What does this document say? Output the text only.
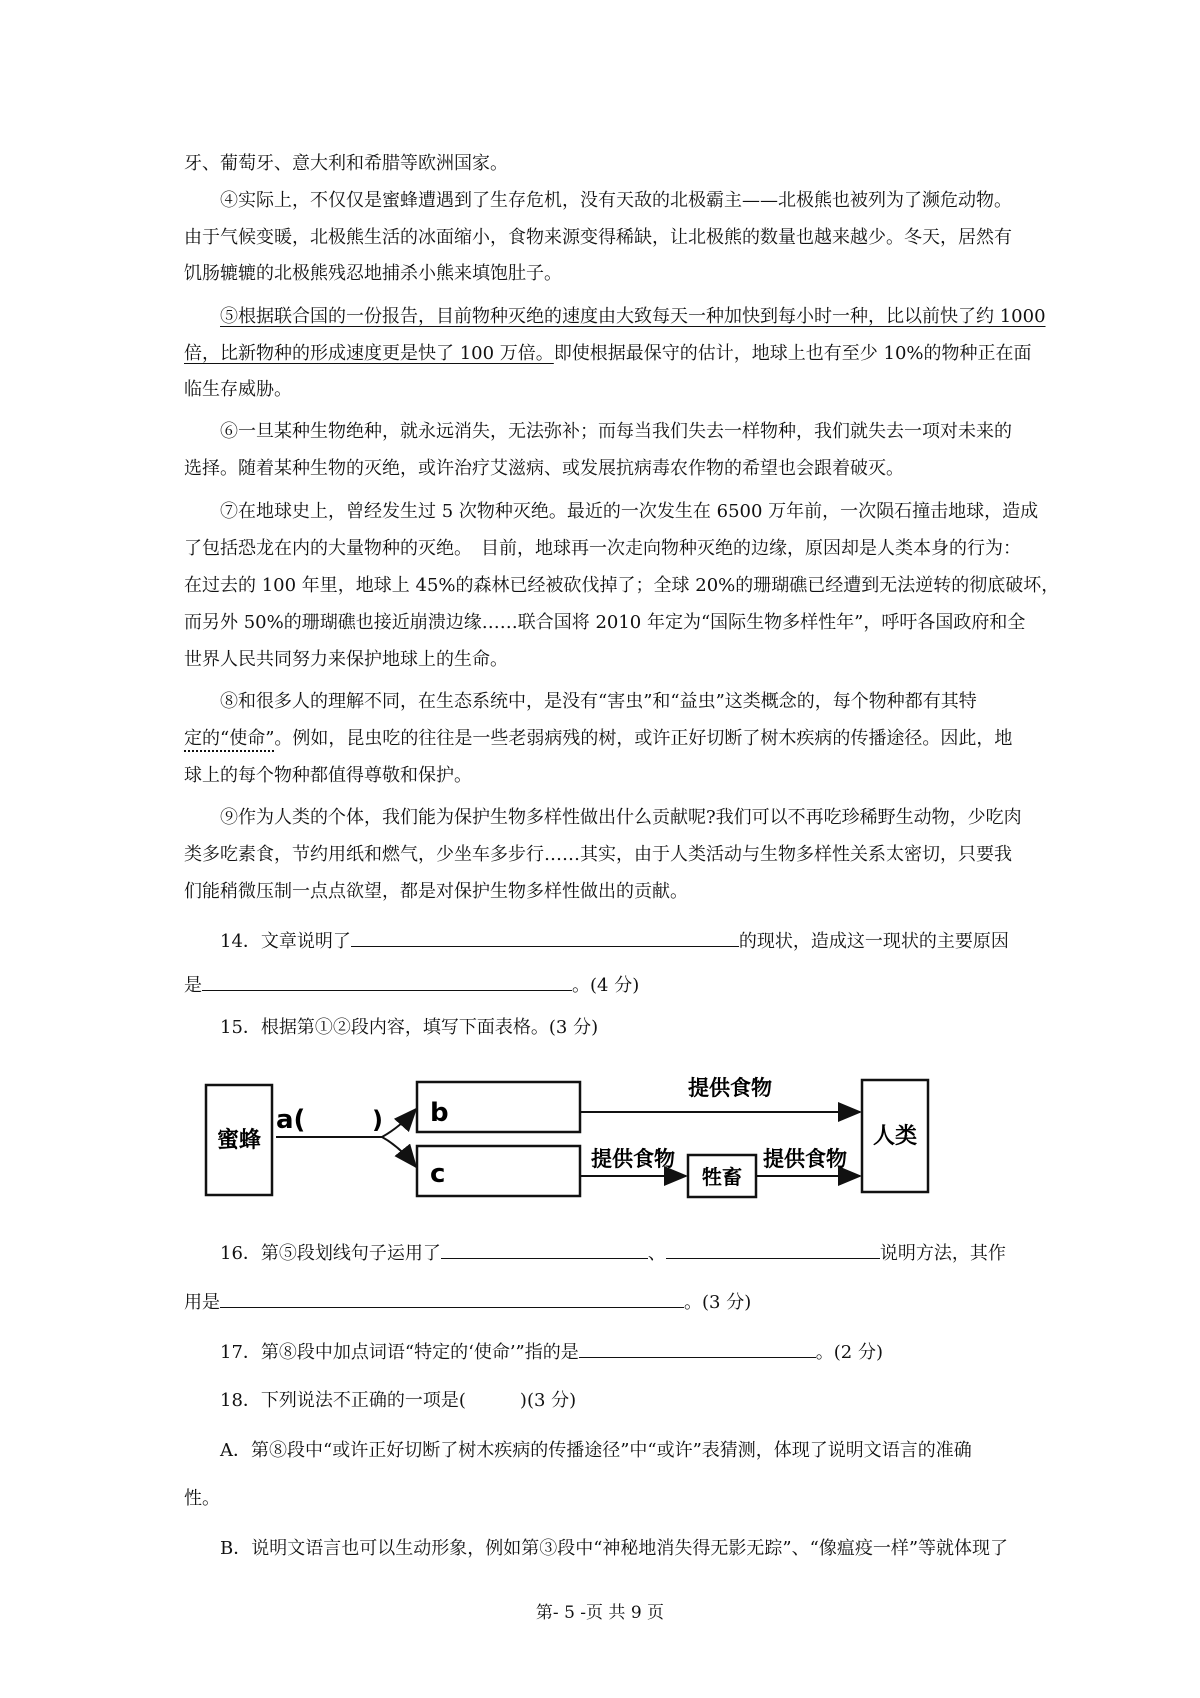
牙、葡萄牙、意大利和希腊等欧洲国家。
④实际上，不仅仅是蜜蜂遭遇到了生存危机，没有天敌的北极霸主——北极熊也被列为了濒危动物。
由于气候变暖，北极熊生活的冰面缩小，食物来源变得稀缺，让北极熊的数量也越来越少。冬天，居然有
饥肠辘辘的北极熊残忍地捕杀小熊来填饱肚子。
⑤根据联合国的一份报告，目前物种灭绝的速度由大致每天一种加快到每小时一种，比以前快了约 1000
倍，比新物种的形成速度更是快了 100 万倍。即使根据最保守的估计，地球上也有至少 10%的物种正在面
临生存威胁。
⑥一旦某种生物绝种，就永远消失，无法弥补；而每当我们失去一样物种，我们就失去一项对未来的
选择。随着某种生物的灭绝，或许治疗艾滋病、或发展抗病毒农作物的希望也会跟着破灭。
⑦在地球史上，曾经发生过 5 次物种灭绝。最近的一次发生在 6500 万年前，一次陨石撞击地球，造成
了包括恐龙在内的大量物种的灭绝。　目前，地球再一次走向物种灭绝的边缘，原因却是人类本身的行为：
在过去的 100 年里，地球上 45%的森林已经被砍伐掉了；全球 20%的珊瑚礁已经遭到无法逆转的彻底破坏，
而另外 50%的珊瑚礁也接近崩溃边缘……联合国将 2010 年定为“国际生物多样性年”，呼吁各国政府和全
世界人民共同努力来保护地球上的生命。
⑧和很多人的理解不同，在生态系统中，是没有“害虫”和“益虫”这类概念的，每个物种都有其特
定的“使命”。例如，昆虫吃的往往是一些老弱病残的树，或许正好切断了树木疾病的传播途径。因此，地
球上的每个物种都值得尊敬和保护。
⑨作为人类的个体，我们能为保护生物多样性做出什么贡献呢?我们可以不再吃珍稀野生动物，少吃肉
类多吃素食，节约用纸和燃气，少坐车多步行……其实，由于人类活动与生物多样性关系太密切，只要我
们能稍微压制一点点欲望，都是对保护生物多样性做出的贡献。
14．文章说明了	的现状，造成这一现状的主要原因
是	。(4 分)
15．根据第①②段内容，填写下面表格。(3 分)
蜜蜂
a(	) b
c
提供食物
提供食物
牲畜
提供食物
人类
16．第⑤段划线句子运用了	、	说明方法，其作
用是	。(3 分)
17．第⑧段中加点词语“特定的‘使命’”指的是	。(2 分)
18．下列说法不正确的一项是(　　　)(3 分)
A．第⑧段中“或许正好切断了树木疾病的传播途径”中“或许”表猜测，体现了说明文语言的准确
性。
B．说明文语言也可以生动形象，例如第③段中“神秘地消失得无影无踪”、“像瘟疫一样”等就体现了
第- 5 -页 共 9 页
